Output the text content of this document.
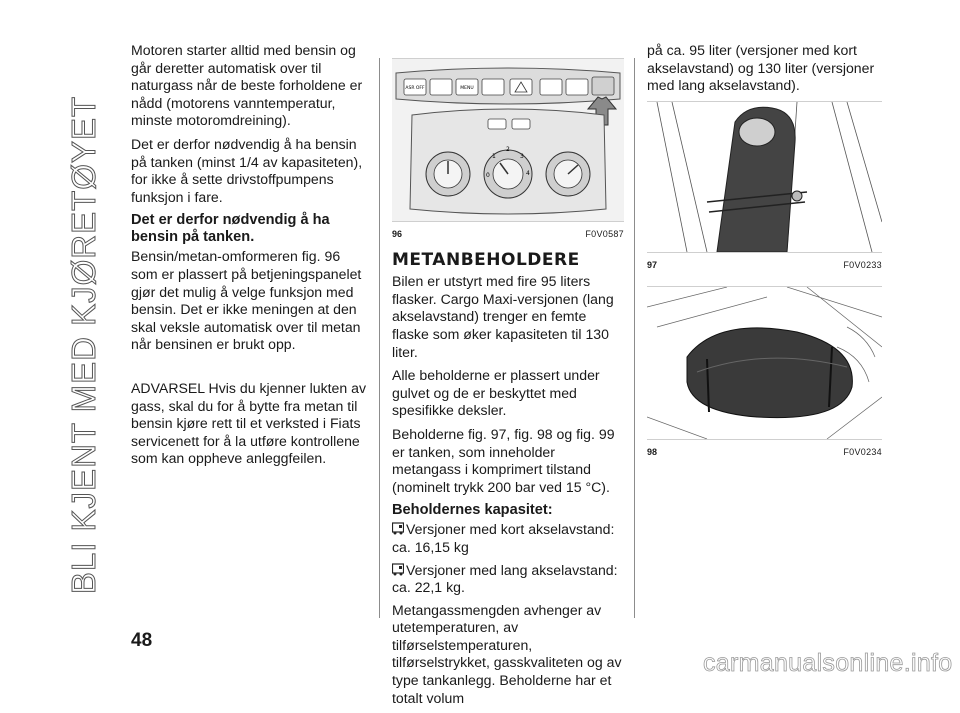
BLI KJENT MED KJØRETØYET

Motoren starter alltid med bensin og går deretter automatisk over til naturgass når de beste forholdene er nådd (motorens vanntemperatur, minste motoromdreining).

Det er derfor nødvendig å ha bensin på tanken (minst 1/4 av kapasiteten), for ikke å sette drivstoffpumpens funksjon i fare.

Det er derfor nødvendig å ha bensin på tanken.

Bensin/metan-omformeren fig. 96 som er plassert på betjeningspanelet gjør det mulig å velge funksjon med bensin. Det er ikke meningen at den skal veksle automatisk over til metan når bensinen er brukt opp.

ADVARSEL Hvis du kjenner lukten av gass, skal du for å bytte fra metan til bensin kjøre rett til et verksted i Fiats servicenett for å la utføre kontrollene som kan oppheve anleggfeilen.

ASR OFF	MENU
0
1
2
3
4
96	F0V0587
METANBEHOLDERE

Bilen er utstyrt med fire 95 liters flasker. Cargo Maxi-versjonen (lang akselavstand) trenger en femte flaske som øker kapasiteten til 130 liter.

Alle beholderne er plassert under gulvet og de er beskyttet med spesifikke deksler.

Beholderne fig. 97, fig. 98 og fig. 99 er tanken, som inneholder metangass i komprimert tilstand (nominelt trykk 200 bar ved 15 °C).

Beholdernes kapasitet:

Versjoner med kort akselavstand: ca. 16,15 kg

Versjoner med lang akselavstand: ca. 22,1 kg.

Metangassmengden avhenger av utetemperaturen, av tilførselstemperaturen, tilførselstrykket, gasskvaliteten og av type tankanlegg. Beholderne har et totalt volum

på ca. 95 liter (versjoner med kort akselavstand) og 130 liter (versjoner med lang akselavstand).

97	F0V0233
98	F0V0234
48
carmanualsonline.info
